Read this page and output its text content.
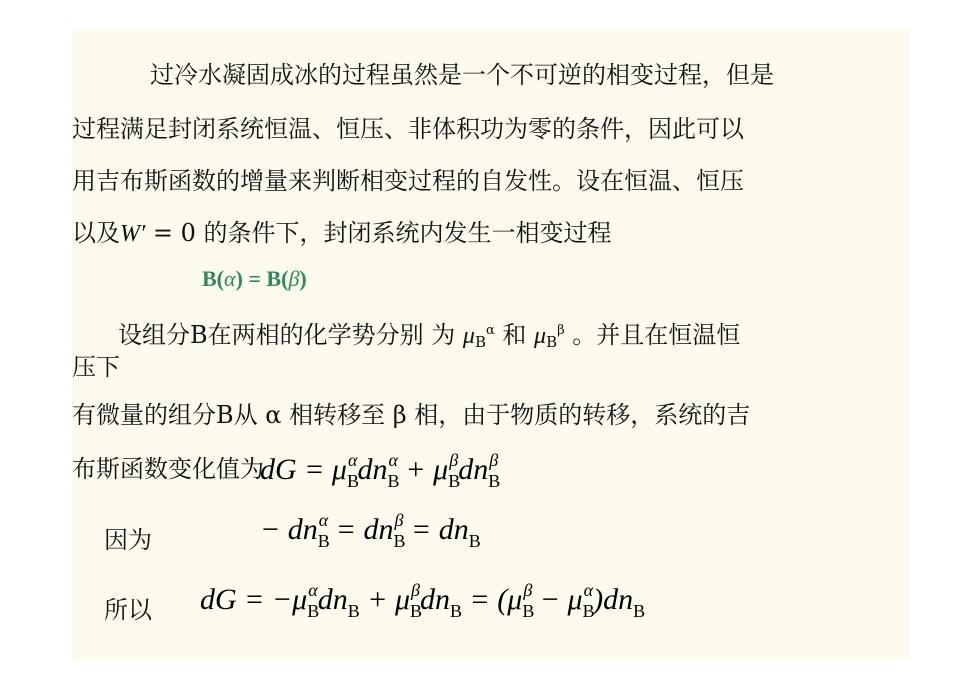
过冷水凝固成冰的过程虽然是一个不可逆的相变过程，但是
过程满足封闭系统恒温、恒压、非体积功为零的条件，因此可以
用吉布斯函数的增量来判断相变过程的自发性。设在恒温、恒压
以及W′ = 0 的条件下，封闭系统内发生一相变过程
B(α) = B(β)
设组分B在两相的化学势分别 为 $\mu B^\alpha$ 和 $\mu B^\beta$ 。并且在恒温恒
压下
有微量的组分B从 α 相转移至 β 相，由于物质的转移，系统的吉
布斯函数变化值为
dG = $\mu_B^\alpha dn_B^\alpha + \mu_B^\beta dn_B^\beta$
因为	− $dn_B^\alpha = dn_B^\beta = dn_B$
所以 dG = $-\mu_B^\alpha dn_B + \mu_B^\beta dn_B = (\mu_B^\beta - \mu_B^\alpha)dn_B$
